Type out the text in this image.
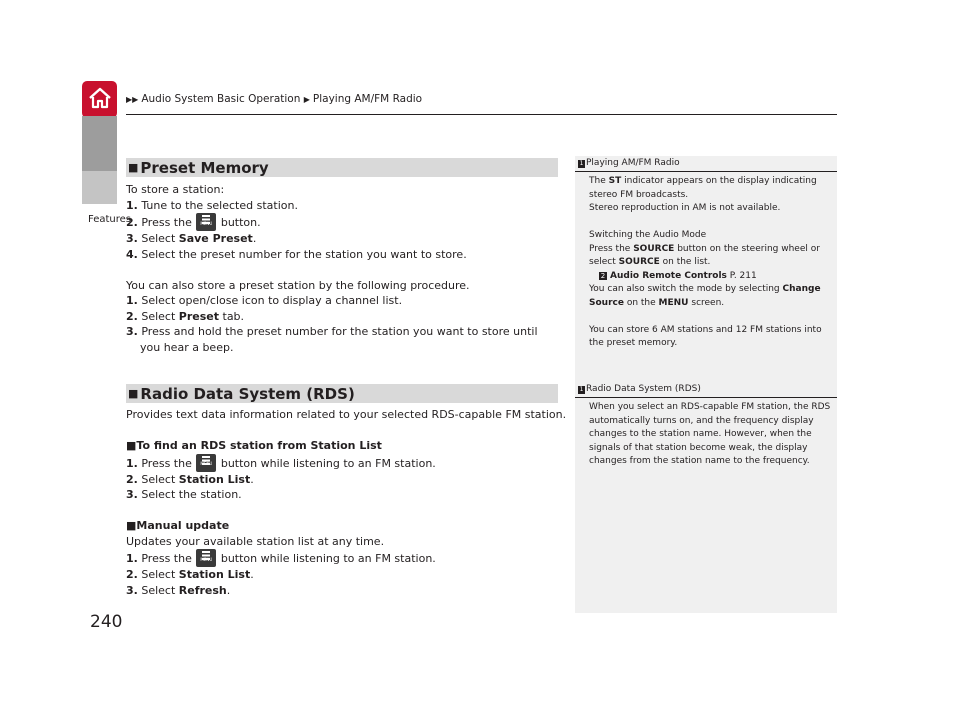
▶▶ Audio System Basic Operation ▶ Playing AM/FM Radio
Features
240
■ Preset Memory
To store a station:
1. Tune to the selected station.
2. Press the MENU	button.
3. Select Save Preset.
4. Select the preset number for the station you want to store.
You can also store a preset station by the following procedure.
1. Select open/close icon to display a channel list.
2. Select Preset tab.
3. Press and hold the preset number for the station you want to store until you hear a beep.
■ Radio Data System (RDS)
Provides text data information related to your selected RDS-capable FM station.
■To find an RDS station from Station List
1. Press the MENU	button while listening to an FM station.
2. Select Station List.
3. Select the station.
■Manual update
Updates your available station list at any time.
1. Press the MENU	button while listening to an FM station.
2. Select Station List.
3. Select Refresh.
1 Playing AM/FM Radio
The ST indicator appears on the display indicating
stereo FM broadcasts.
Stereo reproduction in AM is not available.
Switching the Audio Mode
Press the SOURCE button on the steering wheel or
select SOURCE on the list.
2 Audio Remote Controls P. 211
You can also switch the mode by selecting Change
Source on the MENU screen.
You can store 6 AM stations and 12 FM stations into
the preset memory.
1 Radio Data System (RDS)
When you select an RDS-capable FM station, the RDS
automatically turns on, and the frequency display
changes to the station name. However, when the
signals of that station become weak, the display
changes from the station name to the frequency.
